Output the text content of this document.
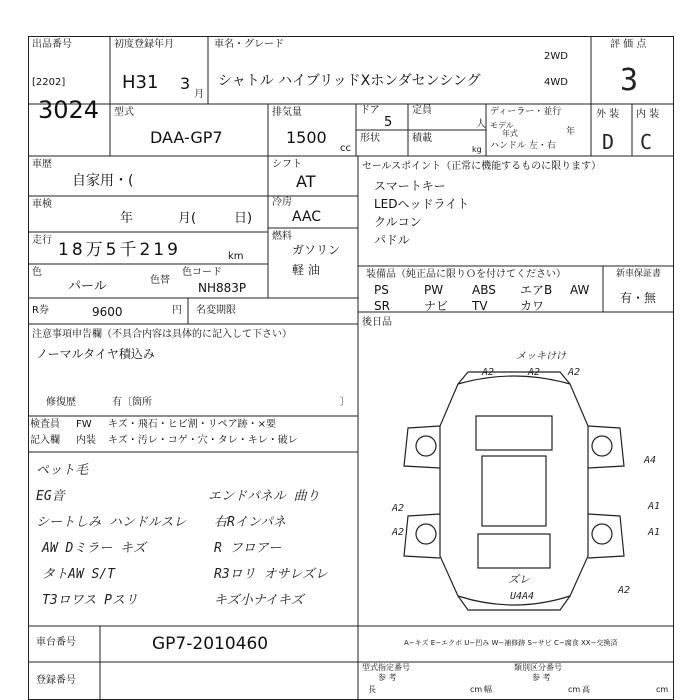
出品番号
[2202]
3024
初度登録年月
H31 3
月
車名・グレード
シャトル ハイブリッドXホンダセンシング
2WD
4WD
評 価 点
3
型式
DAA-GP7
排気量
1500
cc
ドア
5
定員
人
形状	積載
kg
ディーラー・並行
モデル
年式	年
ハンドル 左・右
外 装 内 装
D C
車歴
自家用・(
シフト
AT
車検
年	月(	日)
冷房
AAC
走行 18万5千219	km
燃料
ガソリン
軽 油
色
パール	色替
色コード
NH883P
R券	9600	円 名変期限
注意事項申告欄（不具合内容は具体的に記入して下さい）
ノーマルタイヤ積込み
修復歴	有〔箇所	〕
検査員
記入欄
FW
内装
キズ・飛石・ヒビ割・リペア跡・×要
キズ・汚レ・コゲ・穴・タレ・キレ・破レ
ペット毛
EG音
シートしみ ハンドルスレ
AW Dミラー キズ
タトAW S/T
T3ロワス Pスリ
エンドパネル 曲り
右Rインパネ
R フロアー
R3ロリ オサレズレ
キズ小ナイキズ
セールスポイント（正常に機能するものに限ります）
スマートキー
LEDヘッドライト
クルコン
パドル
装備品（純正品に限りＯを付けてください）	新車保証書
PS	PW ABS エアB AW
SR	ナビ TV	カワ
有・無
後日品
メッキけけ
A2	A2	A2
A4
A2	A1
A2	A1
ズレ
U4A4
A2
車台番号	GP7-2010460
登録番号
A−キズ E−エクボ U−凹み W−補修跡 S−サビ C−腐食 XX−交換済
型式指定番号
参 考
類別区分番号
参 考
長	cm 幅	cm 高	cm
